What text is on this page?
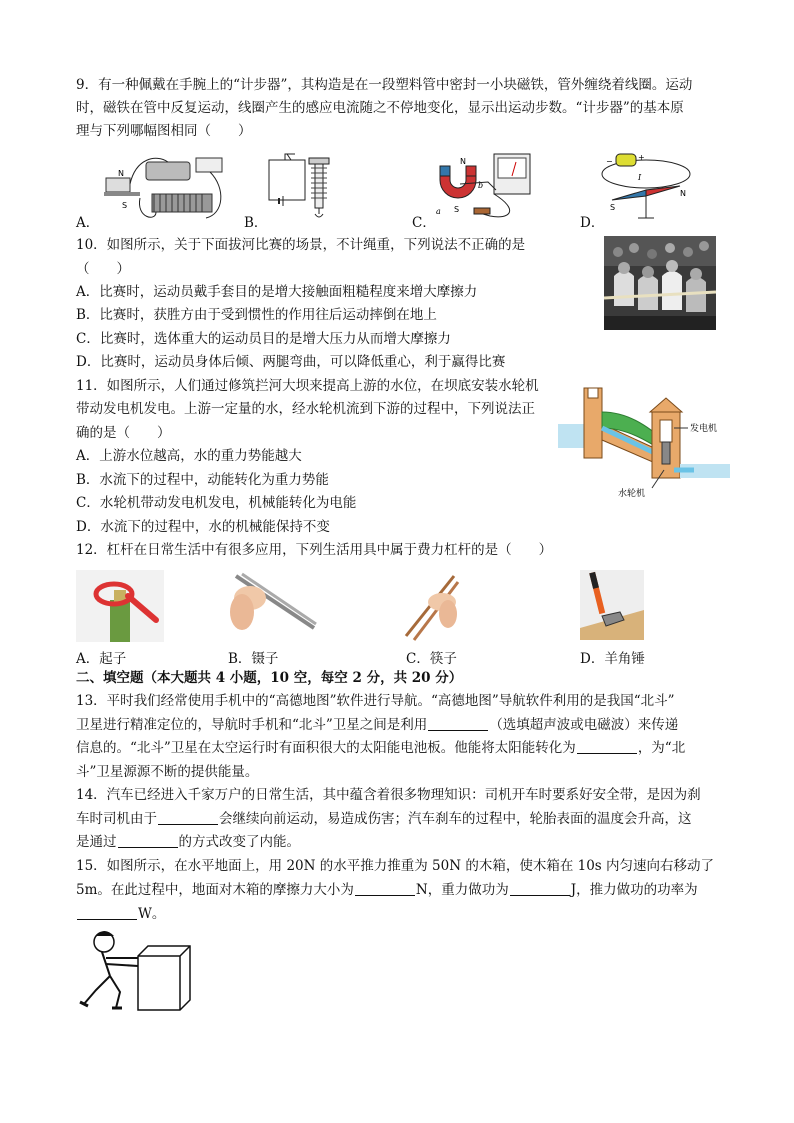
9．有一种佩戴在手腕上的“计步器”，其构造是在一段塑料管中密封一小块磁铁，管外缠绕着线圈。运动
时，磁铁在管中反复运动，线圈产生的感应电流随之不停地变化，显示出运动步数。“计步器”的基本原
理与下列哪幅图相同（　　）
N
S
A．	B．
N
S
a
b
C．
−	+
I
S
N
D．
10．如图所示，关于下面拔河比赛的场景，不计绳重，下列说法不正确的是
（　　）
A．比赛时，运动员戴手套目的是增大接触面粗糙程度来增大摩擦力
B．比赛时，获胜方由于受到惯性的作用往后运动摔倒在地上
C．比赛时，选体重大的运动员目的是增大压力从而增大摩擦力
D．比赛时，运动员身体后倾、两腿弯曲，可以降低重心，利于赢得比赛
11．如图所示，人们通过修筑拦河大坝来提高上游的水位，在坝底安装水轮机
带动发电机发电。上游一定量的水，经水轮机流到下游的过程中，下列说法正
确的是（　　）
A．上游水位越高，水的重力势能越大
B．水流下的过程中，动能转化为重力势能
C．水轮机带动发电机发电，机械能转化为电能
D．水流下的过程中，水的机械能保持不变
发电机
水轮机
12．杠杆在日常生活中有很多应用，下列生活用具中属于费力杠杆的是（　　）
A．起子	B．镊子	C．筷子	D．羊角锤
二、填空题（本大题共 4 小题，10 空，每空 2 分，共 20 分）
13．平时我们经常使用手机中的“高德地图”软件进行导航。“高德地图”导航软件利用的是我国“北斗”
卫星进行精准定位的，导航时手机和“北斗”卫星之间是利用	（选填超声波或电磁波）来传递
信息的。“北斗”卫星在太空运行时有面积很大的太阳能电池板。他能将太阳能转化为	，为“北
斗”卫星源源不断的提供能量。
14．汽车已经进入千家万户的日常生活，其中蕴含着很多物理知识：司机开车时要系好安全带，是因为刹
车时司机由于	会继续向前运动，易造成伤害；汽车刹车的过程中，轮胎表面的温度会升高，这
是通过	的方式改变了内能。
15．如图所示，在水平地面上，用 20N 的水平推力推重为 50N 的木箱，使木箱在 10s 内匀速向右移动了
5m。在此过程中，地面对木箱的摩擦力大小为	N，重力做功为	J，推力做功的功率为
W。
